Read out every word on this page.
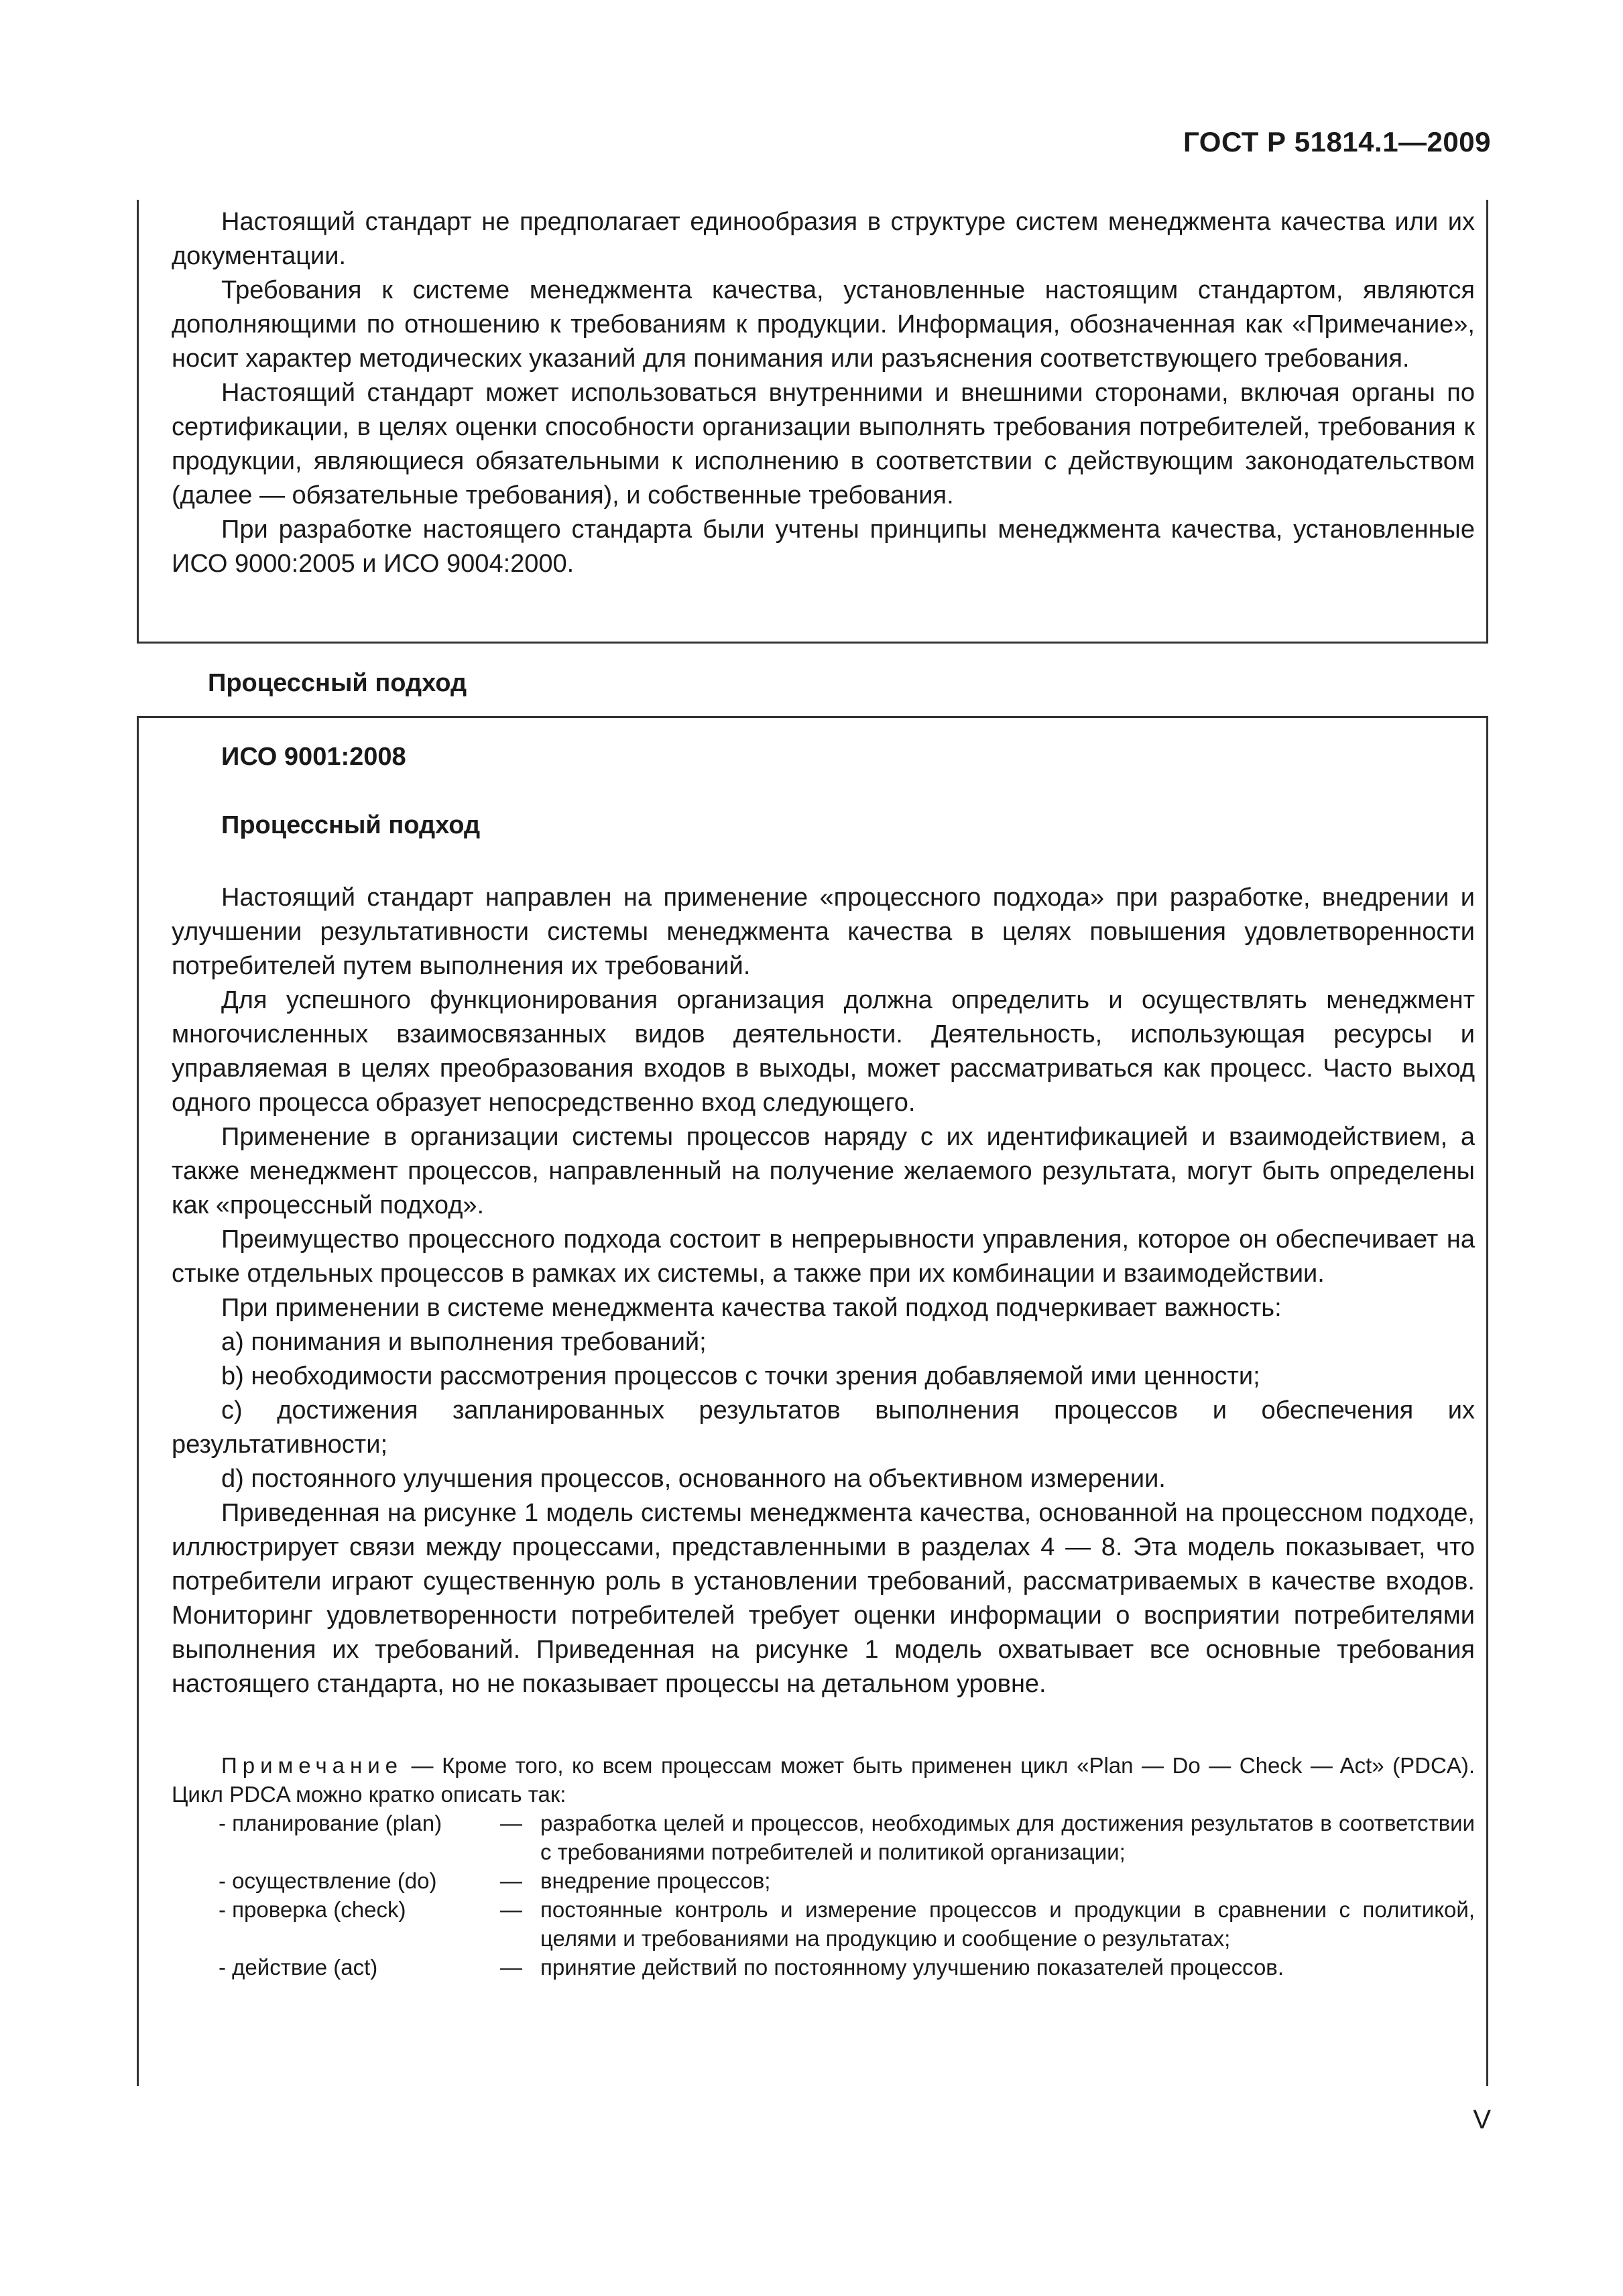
ГОСТ Р 51814.1—2009

Настоящий стандарт не предполагает единообразия в структуре систем менеджмента качества или их документации.

Требования к системе менеджмента качества, установленные настоящим стандартом, являются дополняющими по отношению к требованиям к продукции. Информация, обозначенная как «Примечание», носит характер методических указаний для понимания или разъяснения соответствующего требования.

Настоящий стандарт может использоваться внутренними и внешними сторонами, включая органы по сертификации, в целях оценки способности организации выполнять требования потребителей, требования к продукции, являющиеся обязательными к исполнению в соответствии с действующим законодательством (далее — обязательные требования), и собственные требования.

При разработке настоящего стандарта были учтены принципы менеджмента качества, установленные ИСО 9000:2005 и ИСО 9004:2000.

Процессный подход
ИСО 9001:2008
Процессный подход

Настоящий стандарт направлен на применение «процессного подхода» при разработке, внедрении и улучшении результативности системы менеджмента качества в целях повышения удовлетворенности потребителей путем выполнения их требований.

Для успешного функционирования организация должна определить и осуществлять менеджмент многочисленных взаимосвязанных видов деятельности. Деятельность, использующая ресурсы и управляемая в целях преобразования входов в выходы, может рассматриваться как процесс. Часто выход одного процесса образует непосредственно вход следующего.

Применение в организации системы процессов наряду с их идентификацией и взаимодействием, а также менеджмент процессов, направленный на получение желаемого результата, могут быть определены как «процессный подход».

Преимущество процессного подхода состоит в непрерывности управления, которое он обеспечивает на стыке отдельных процессов в рамках их системы, а также при их комбинации и взаимодействии.

При применении в системе менеджмента качества такой подход подчеркивает важность:

a) понимания и выполнения требований;

b) необходимости рассмотрения процессов с точки зрения добавляемой ими ценности;

c) достижения запланированных результатов выполнения процессов и обеспечения их результативности;

d) постоянного улучшения процессов, основанного на объективном измерении.

Приведенная на рисунке 1 модель системы менеджмента качества, основанной на процессном подходе, иллюстрирует связи между процессами, представленными в разделах 4 — 8. Эта модель показывает, что потребители играют существенную роль в установлении требований, рассматриваемых в качестве входов. Мониторинг удовлетворенности потребителей требует оценки информации о восприятии потребителями выполнения их требований. Приведенная на рисунке 1 модель охватывает все основные требования настоящего стандарта, но не показывает процессы на детальном уровне.

Примечание — Кроме того, ко всем процессам может быть применен цикл «Plan — Do — Check — Act» (PDCA). Цикл PDCA можно кратко описать так:

- планирование (plan)	—	разработка целей и процессов, необходимых для достижения результатов в соответствии с требованиями потребителей и политикой организации;
- осуществление (do)	—	внедрение процессов;
- проверка (check)	—	постоянные контроль и измерение процессов и продукции в сравнении с политикой, целями и требованиями на продукцию и сообщение о результатах;
- действие (act)	—	принятие действий по постоянному улучшению показателей процессов.
V
